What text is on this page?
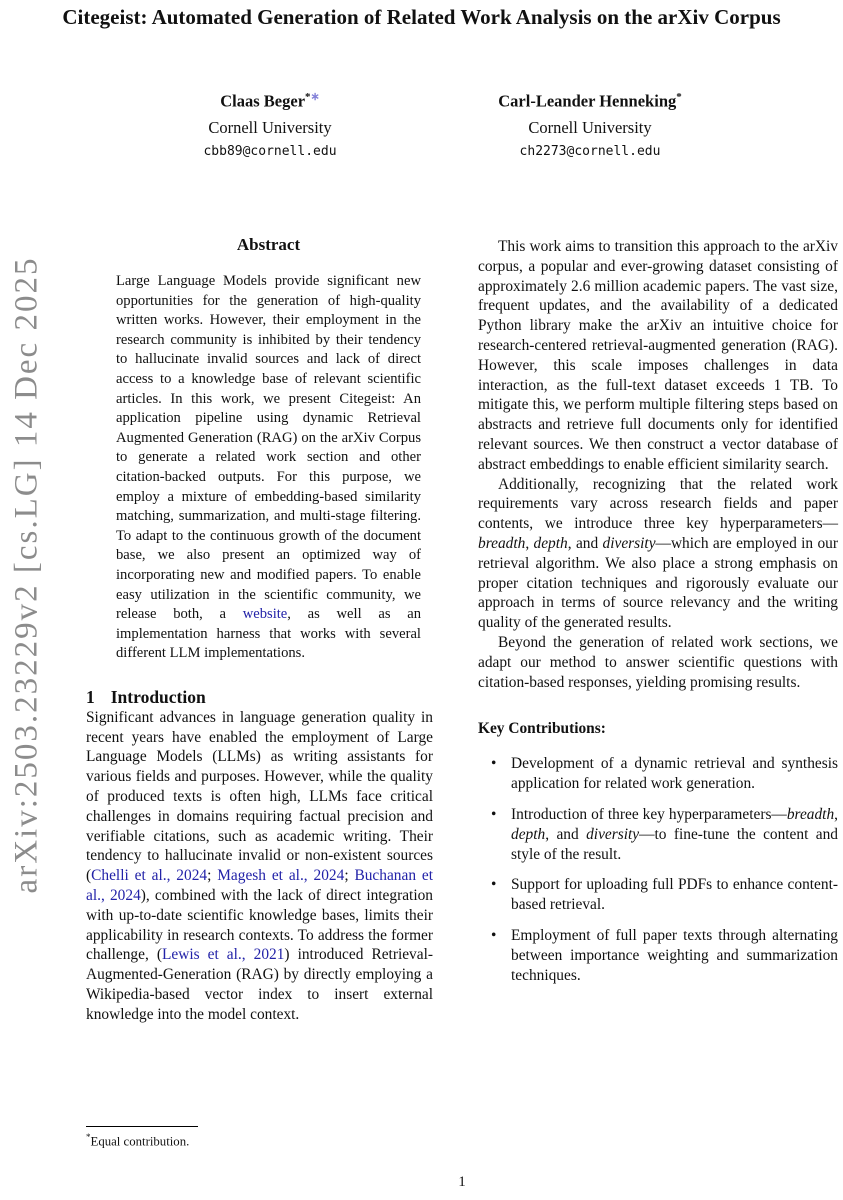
arXiv:2503.23229v2 [cs.LG] 14 Dec 2025
Citegeist: Automated Generation of Related Work Analysis on the arXiv Corpus
Claas Beger*∗
Cornell University
cbb89@cornell.edu
Carl-Leander Henneking*
Cornell University
ch2273@cornell.edu
Abstract
Large Language Models provide significant new opportunities for the generation of high-quality written works. However, their employment in the research community is inhibited by their tendency to hallucinate invalid sources and lack of direct access to a knowledge base of relevant scientific articles. In this work, we present Citegeist: An application pipeline using dynamic Retrieval Augmented Generation (RAG) on the arXiv Corpus to generate a related work section and other citation-backed outputs. For this purpose, we employ a mixture of embedding-based similarity matching, summarization, and multi-stage filtering. To adapt to the continuous growth of the document base, we also present an optimized way of incorporating new and modified papers. To enable easy utilization in the scientific community, we release both, a website, as well as an implementation harness that works with several different LLM implementations.
1 Introduction
Significant advances in language generation quality in recent years have enabled the employment of Large Language Models (LLMs) as writing assistants for various fields and purposes. However, while the quality of produced texts is often high, LLMs face critical challenges in domains requiring factual precision and verifiable citations, such as academic writing. Their tendency to hallucinate invalid or non-existent sources (Chelli et al., 2024; Magesh et al., 2024; Buchanan et al., 2024), combined with the lack of direct integration with up-to-date scientific knowledge bases, limits their applicability in research contexts. To address the former challenge, (Lewis et al., 2021) introduced Retrieval-Augmented-Generation (RAG) by directly employing a Wikipedia-based vector index to insert external knowledge into the model context.
This work aims to transition this approach to the arXiv corpus, a popular and ever-growing dataset consisting of approximately 2.6 million academic papers. The vast size, frequent updates, and the availability of a dedicated Python library make the arXiv an intuitive choice for research-centered retrieval-augmented generation (RAG). However, this scale imposes challenges in data interaction, as the full-text dataset exceeds 1 TB. To mitigate this, we perform multiple filtering steps based on abstracts and retrieve full documents only for identified relevant sources. We then construct a vector database of abstract embeddings to enable efficient similarity search.
Additionally, recognizing that the related work requirements vary across research fields and paper contents, we introduce three key hyperparameters—breadth, depth, and diversity—which are employed in our retrieval algorithm. We also place a strong emphasis on proper citation techniques and rigorously evaluate our approach in terms of source relevancy and the writing quality of the generated results.
Beyond the generation of related work sections, we adapt our method to answer scientific questions with citation-based responses, yielding promising results.
Key Contributions:
• Development of a dynamic retrieval and synthesis application for related work generation.
• Introduction of three key hyperparameters—breadth, depth, and diversity—to fine-tune the content and style of the result.
• Support for uploading full PDFs to enhance content-based retrieval.
• Employment of full paper texts through alternating between importance weighting and summarization techniques.
*Equal contribution.
1
